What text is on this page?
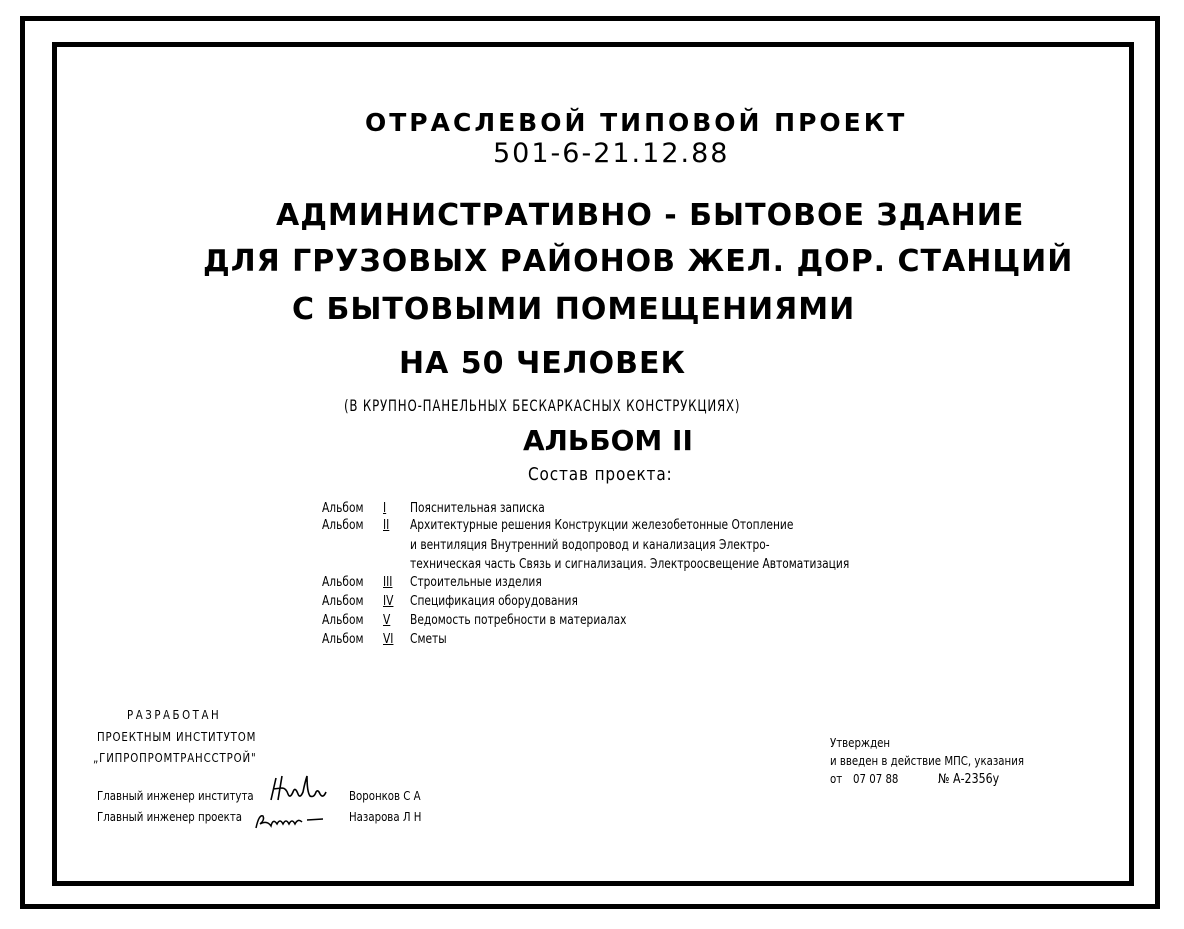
ОТРАСЛЕВОЙ ТИПОВОЙ ПРОЕКТ
501-6-21.12.88
АДМИНИСТРАТИВНО - БЫТОВОЕ ЗДАНИЕ
ДЛЯ ГРУЗОВЫХ РАЙОНОВ ЖЕЛ. ДОР. СТАНЦИЙ
С БЫТОВЫМИ ПОМЕЩЕНИЯМИ
НА 50 ЧЕЛОВЕК
(В КРУПНО-ПАНЕЛЬНЫХ БЕСКАРКАСНЫХ КОНСТРУКЦИЯХ)
АЛЬБОМ II
Состав проекта:
Альбом I Пояснительная записка
Альбом II Архитектурные решения Конструкции железобетонные Отопление
и вентиляция Внутренний водопровод и канализация Электро-
техническая часть Связь и сигнализация. Электроосвещение Автоматизация
Альбом III Строительные изделия
Альбом IV Спецификация оборудования
Альбом V Ведомость потребности в материалах
Альбом VI Сметы
РАЗРАБОТАН
ПРОЕКТНЫМ ИНСТИТУТОМ
„ГИПРОПРОМТРАНССТРОЙ"
Главный инженер института	Воронков С А
Главный инженер проекта	Назарова Л Н
Утвержден
и введен в действие МПС, указания
от 07 07 88	№ А-2356у
